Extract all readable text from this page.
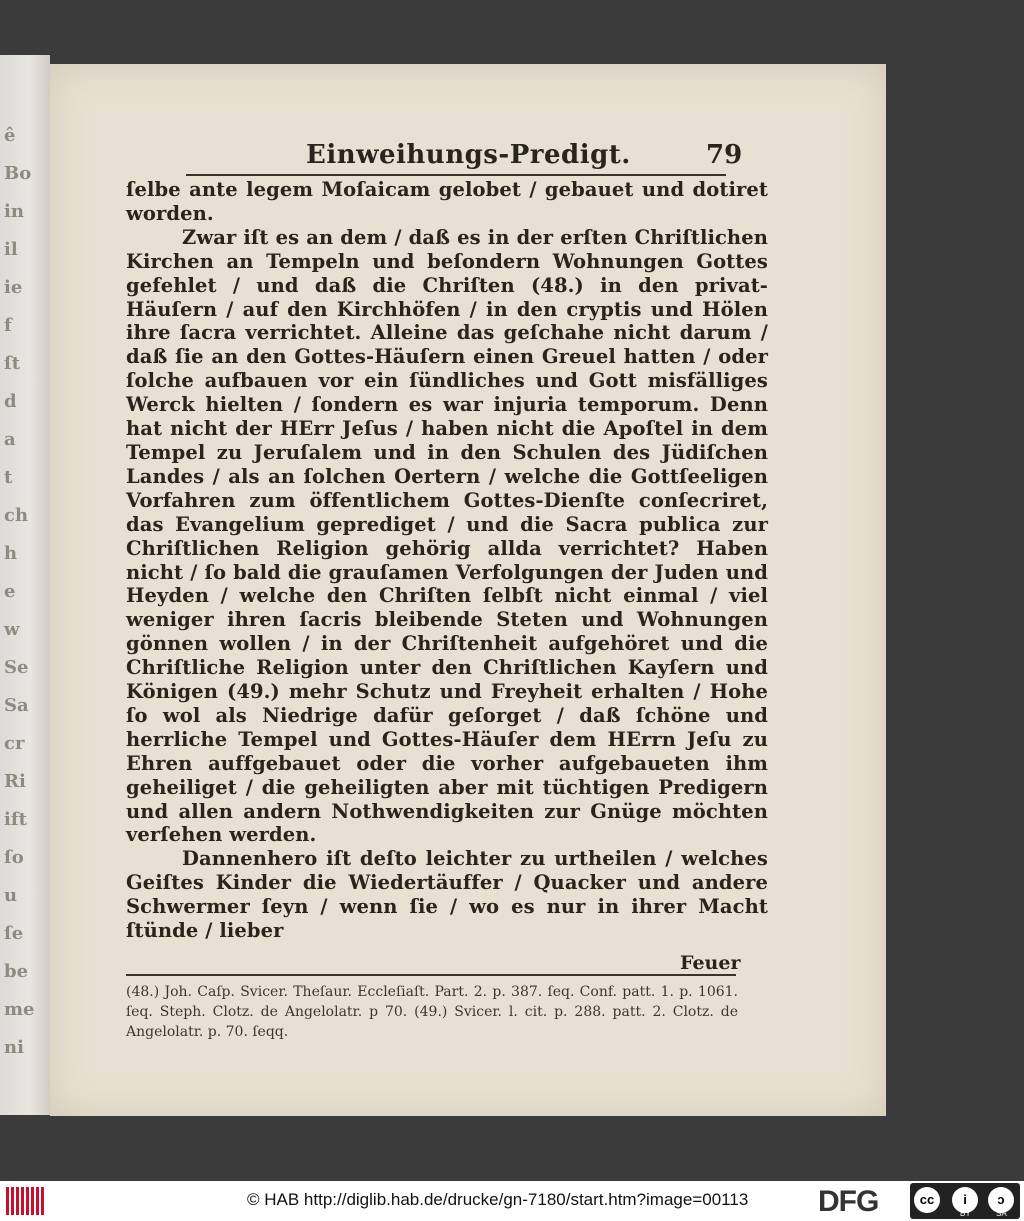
ê
Bo
in
il
ie
f
ſt
d
a
t
ch
h
e
w
Se
Sa
cr
Ri
ift
ſo
u
ſe
be
me
ni
Einweihungs-Predigt.	79

ſelbe ante legem Moſaicam gelobet / gebauet und dotiret worden.

Zwar iſt es an dem / daß es in der erſten Chriſtlichen Kirchen an Tempeln und beſondern Wohnungen Gottes gefehlet / und daß die Chriſten (48.) in den privat-Häuſern / auf den Kirchhöfen / in den cryptis und Hölen ihre ſacra verrichtet. Alleine das geſchahe nicht darum / daß ſie an den Gottes-Häuſern einen Greuel hatten / oder ſolche aufbauen vor ein ſündliches und Gott misfälliges Werck hielten / ſondern es war injuria temporum. Denn hat nicht der HErr Jeſus / haben nicht die Apoſtel in dem Tempel zu Jeruſalem und in den Schulen des Jüdiſchen Landes / als an ſolchen Oertern / welche die Gottſeeligen Vorfahren zum öffentlichem Gottes-Dienſte conſecriret, das Evangelium geprediget / und die Sacra publica zur Chriſtlichen Religion gehörig allda verrichtet? Haben nicht / ſo bald die grauſamen Verfolgungen der Juden und Heyden / welche den Chriſten ſelbſt nicht einmal / viel weniger ihren ſacris bleibende Steten und Wohnungen gönnen wollen / in der Chriſtenheit aufgehöret und die Chriſtliche Religion unter den Chriſtlichen Kayſern und Königen (49.) mehr Schutz und Freyheit erhalten / Hohe ſo wol als Niedrige dafür geſorget / daß ſchöne und herrliche Tempel und Gottes-Häuſer dem HErrn Jeſu zu Ehren auffgebauet oder die vorher aufgebaueten ihm geheiliget / die geheiligten aber mit tüchtigen Predigern und allen andern Nothwendigkeiten zur Gnüge möchten verſehen werden.

Dannenhero iſt deſto leichter zu urtheilen / welches Geiſtes Kinder die Wiedertäuffer / Quacker und andere Schwermer ſeyn / wenn ſie / wo es nur in ihrer Macht ſtünde / lieber

Feuer
(48.) Joh. Caſp. Svicer. Theſaur. Eccleſiaſt. Part. 2. p. 387. ſeq. Conf. patt. 1. p. 1061. ſeq. Steph. Clotz. de Angelolatr. p 70. (49.) Svicer. l. cit. p. 288. patt. 2. Clotz. de Angelolatr. p. 70. ſeqq.
© HAB http://diglib.hab.de/drucke/gn-7180/start.htm?image=00113 DFG	cc	i	ↄ
BY	SA
